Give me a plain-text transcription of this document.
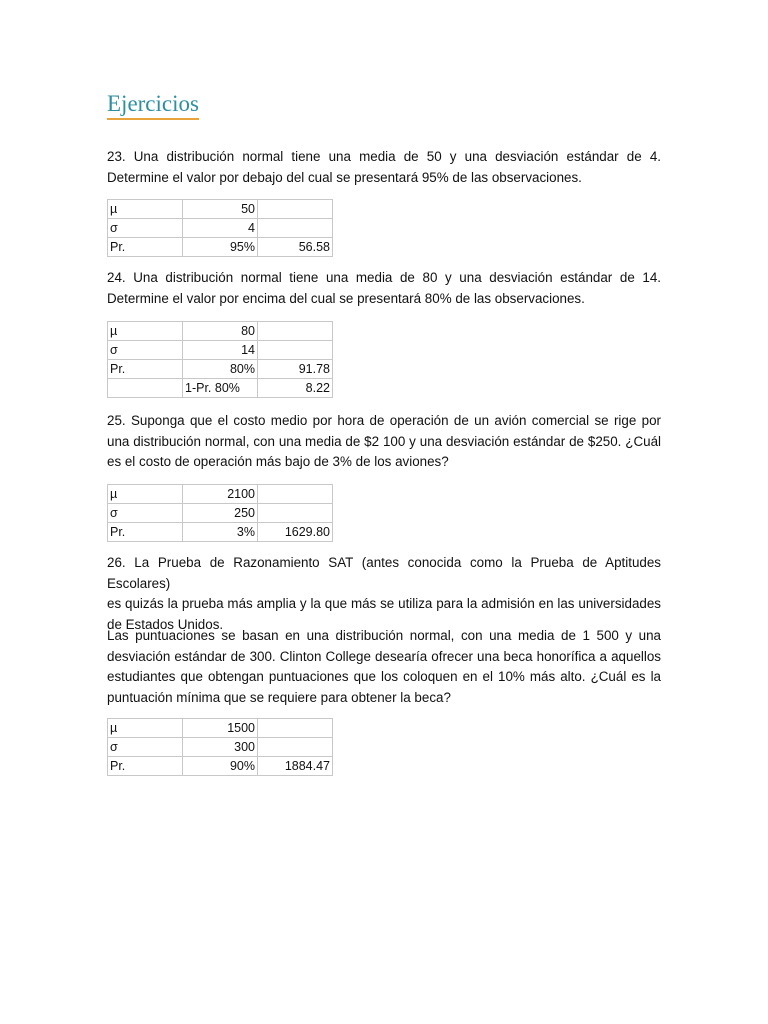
Ejercicios

23. Una distribución normal tiene una media de 50 y una desviación estándar de 4.
Determine el valor por debajo del cual se presentará 95% de las observaciones.

µ	50	
σ	4	
Pr.	95%	56.58

24. Una distribución normal tiene una media de 80 y una desviación estándar de 14.
Determine el valor por encima del cual se presentará 80% de las observaciones.

µ	80	
σ	14	
Pr.	80%	91.78
	1-Pr. 80%	8.22

25. Suponga que el costo medio por hora de operación de un avión comercial se rige por
una distribución normal, con una media de $2 100 y una desviación estándar de $250. ¿Cuál
es el costo de operación más bajo de 3% de los aviones?

µ	2100	
σ	250	
Pr.	3%	1629.80

26. La Prueba de Razonamiento SAT (antes conocida como la Prueba de Aptitudes Escolares)
es quizás la prueba más amplia y la que más se utiliza para la admisión en las universidades
de Estados Unidos.

Las puntuaciones se basan en una distribución normal, con una media de 1 500 y una
desviación estándar de 300. Clinton College desearía ofrecer una beca honorífica a aquellos
estudiantes que obtengan puntuaciones que los coloquen en el 10% más alto. ¿Cuál es la
puntuación mínima que se requiere para obtener la beca?

µ	1500	
σ	300	
Pr.	90%	1884.47
